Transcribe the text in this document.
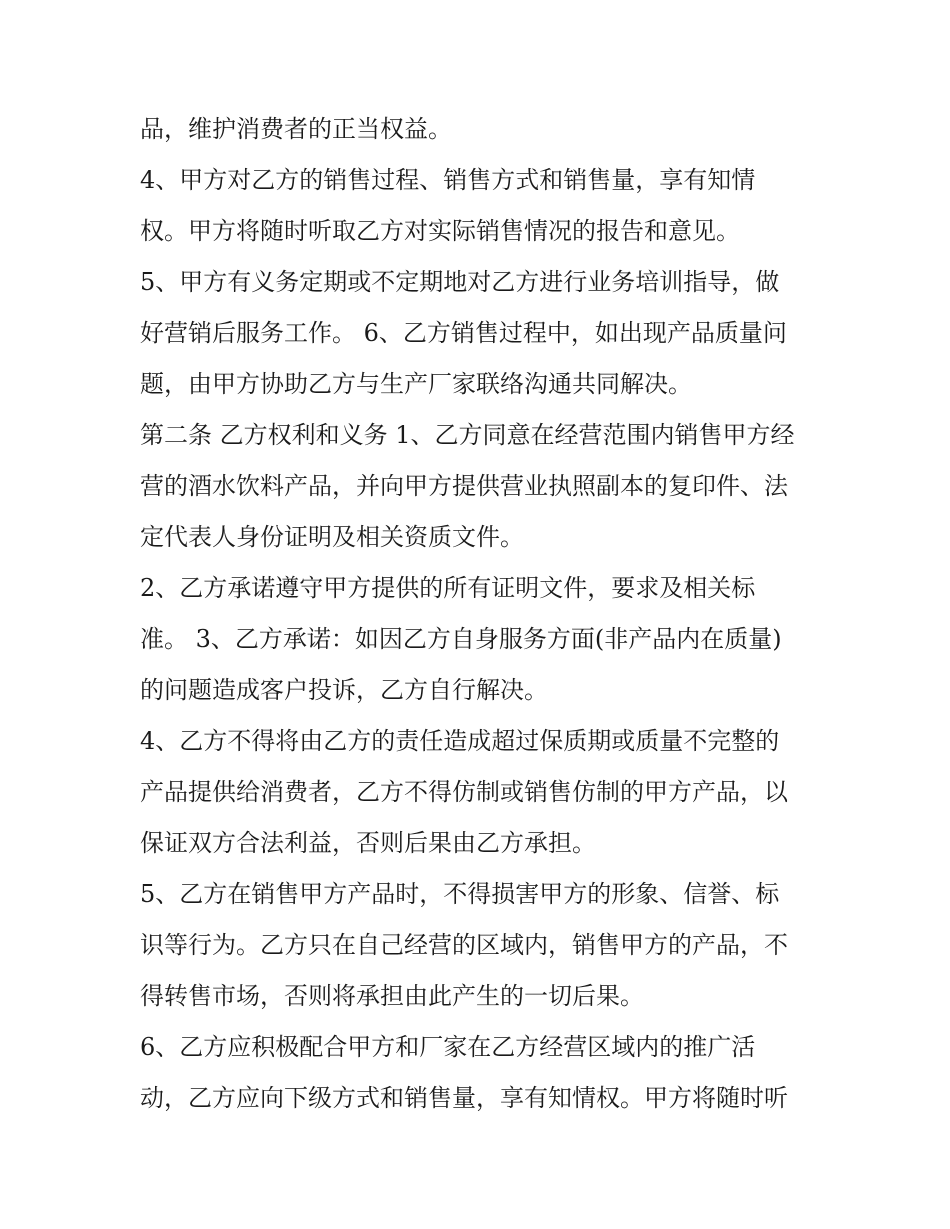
品，维护消费者的正当权益。
4、甲方对乙方的销售过程、销售方式和销售量，享有知情
权。甲方将随时听取乙方对实际销售情况的报告和意见。
5、甲方有义务定期或不定期地对乙方进行业务培训指导，做
好营销后服务工作。 6、乙方销售过程中，如出现产品质量问
题，由甲方协助乙方与生产厂家联络沟通共同解决。
第二条 乙方权利和义务 1、乙方同意在经营范围内销售甲方经
营的酒水饮料产品，并向甲方提供营业执照副本的复印件、法
定代表人身份证明及相关资质文件。
2、乙方承诺遵守甲方提供的所有证明文件，要求及相关标
准。 3、乙方承诺：如因乙方自身服务方面(非产品内在质量)
的问题造成客户投诉，乙方自行解决。
4、乙方不得将由乙方的责任造成超过保质期或质量不完整的
产品提供给消费者，乙方不得仿制或销售仿制的甲方产品，以
保证双方合法利益，否则后果由乙方承担。
5、乙方在销售甲方产品时，不得损害甲方的形象、信誉、标
识等行为。乙方只在自己经营的区域内，销售甲方的产品，不
得转售市场，否则将承担由此产生的一切后果。
6、乙方应积极配合甲方和厂家在乙方经营区域内的推广活
动，乙方应向下级方式和销售量，享有知情权。甲方将随时听
